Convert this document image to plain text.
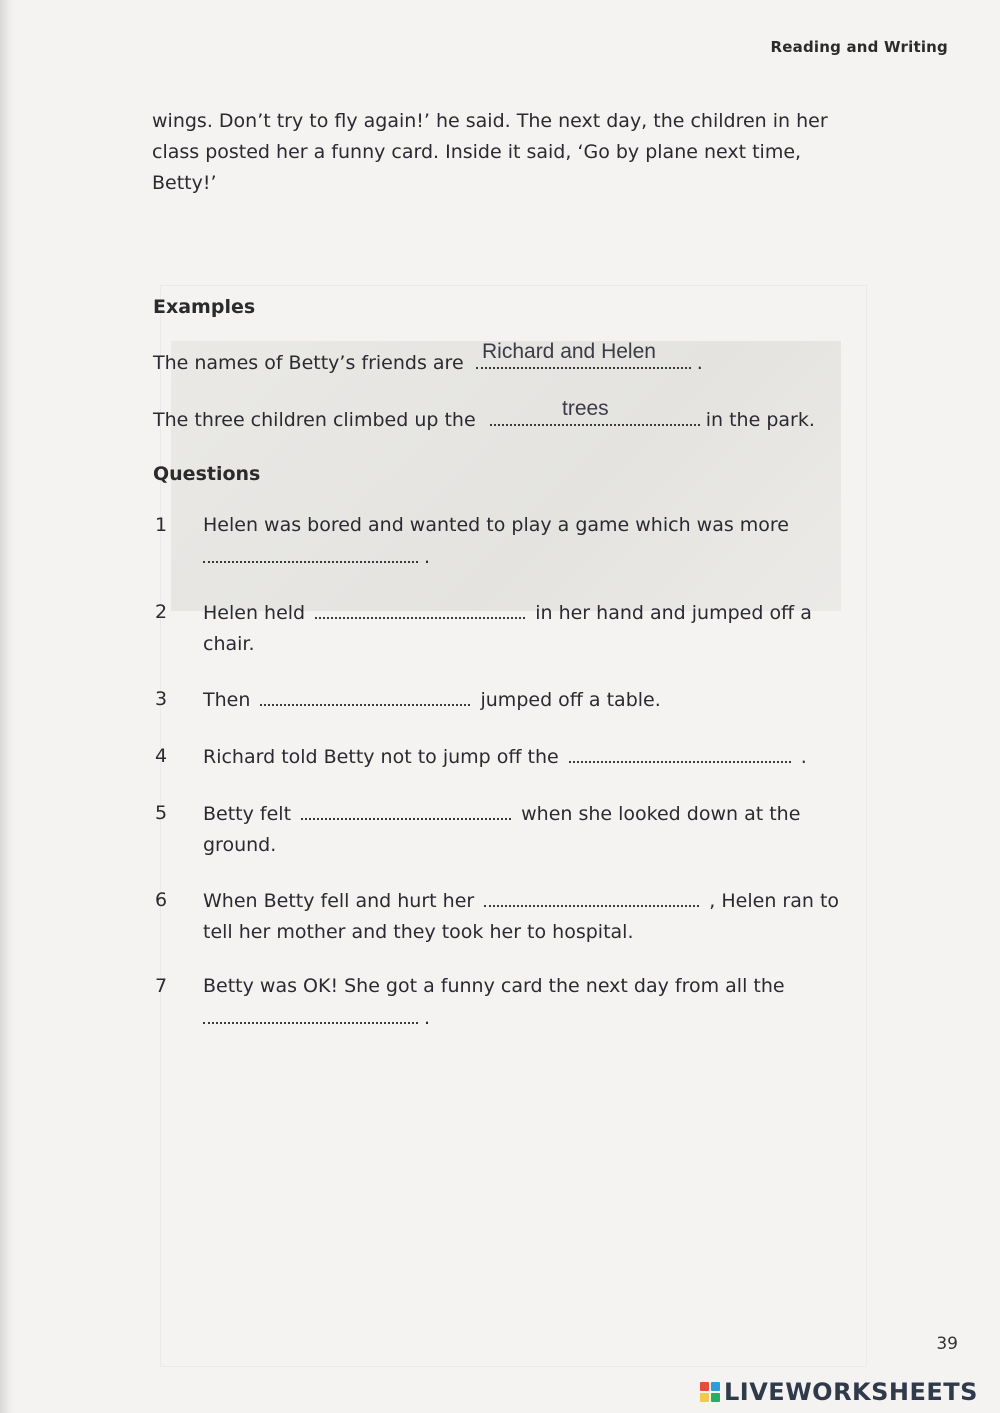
Reading and Writing
wings. Don’t try to fly again!’ he said. The next day, the children in her class posted her a funny card. Inside it said, ‘Go by plane next time, Betty!’
Examples
The names of Betty’s friends are	.
Richard and Helen
The three children climbed up the	in the park.
trees
Questions
1	Helen was bored and wanted to play a game which was more
.
2	Helen held	in her hand and jumped off a chair.
3	Then	jumped off a table.
4	Richard told Betty not to jump off the	.
5	Betty felt	when she looked down at the ground.
6	When Betty fell and hurt her	, Helen ran to tell her mother and they took her to hospital.
7	Betty was OK! She got a funny card the next day from all the
.
39
LIVEWORKSHEETS
